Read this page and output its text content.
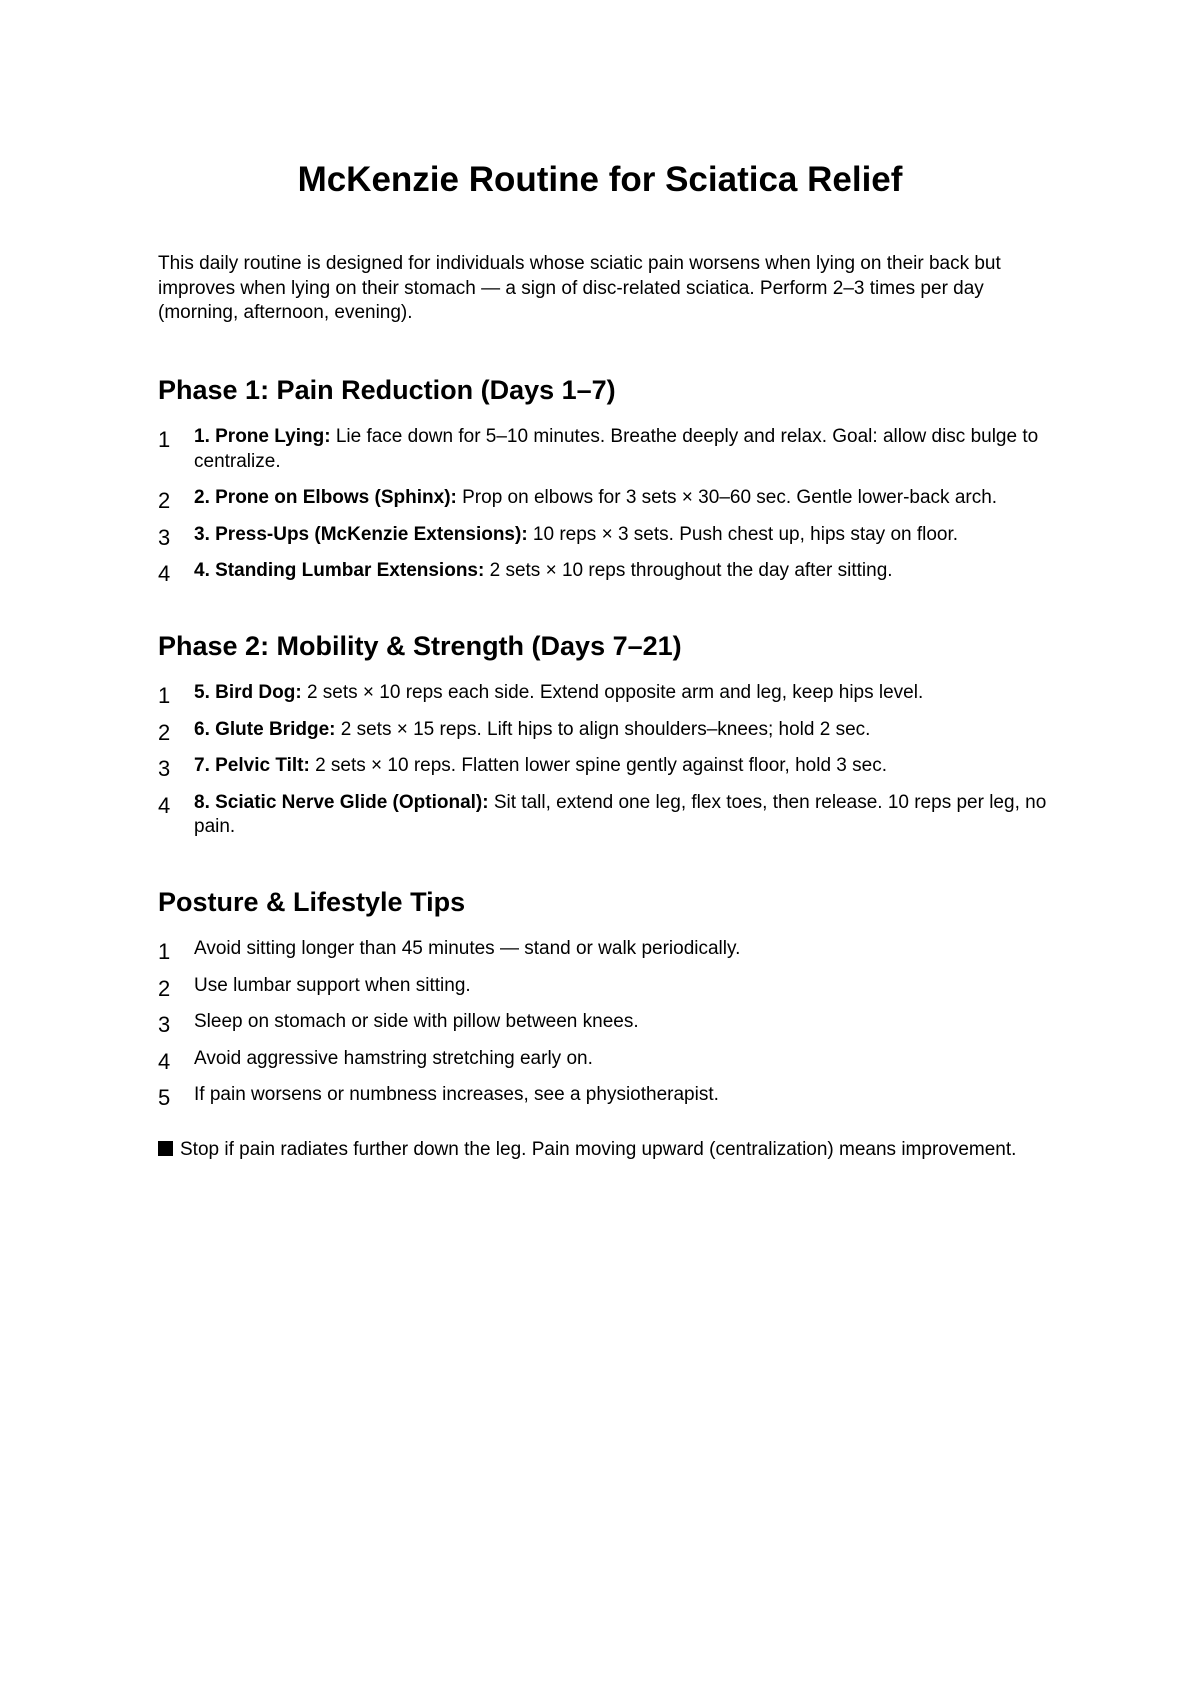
McKenzie Routine for Sciatica Relief

This daily routine is designed for individuals whose sciatic pain worsens when lying on their back but improves when lying on their stomach — a sign of disc-related sciatica. Perform 2–3 times per day (morning, afternoon, evening).

Phase 1: Pain Reduction (Days 1–7)
1 1. Prone Lying: Lie face down for 5–10 minutes. Breathe deeply and relax. Goal: allow disc bulge to centralize.
2 2. Prone on Elbows (Sphinx): Prop on elbows for 3 sets × 30–60 sec. Gentle lower-back arch.
3 3. Press-Ups (McKenzie Extensions): 10 reps × 3 sets. Push chest up, hips stay on floor.
4 4. Standing Lumbar Extensions: 2 sets × 10 reps throughout the day after sitting.
Phase 2: Mobility & Strength (Days 7–21)
1 5. Bird Dog: 2 sets × 10 reps each side. Extend opposite arm and leg, keep hips level.
2 6. Glute Bridge: 2 sets × 15 reps. Lift hips to align shoulders–knees; hold 2 sec.
3 7. Pelvic Tilt: 2 sets × 10 reps. Flatten lower spine gently against floor, hold 3 sec.
4 8. Sciatic Nerve Glide (Optional): Sit tall, extend one leg, flex toes, then release. 10 reps per leg, no pain.
Posture & Lifestyle Tips
1 Avoid sitting longer than 45 minutes — stand or walk periodically.
2 Use lumbar support when sitting.
3 Sleep on stomach or side with pillow between knees.
4 Avoid aggressive hamstring stretching early on.
5 If pain worsens or numbness increases, see a physiotherapist.

Stop if pain radiates further down the leg. Pain moving upward (centralization) means improvement.
